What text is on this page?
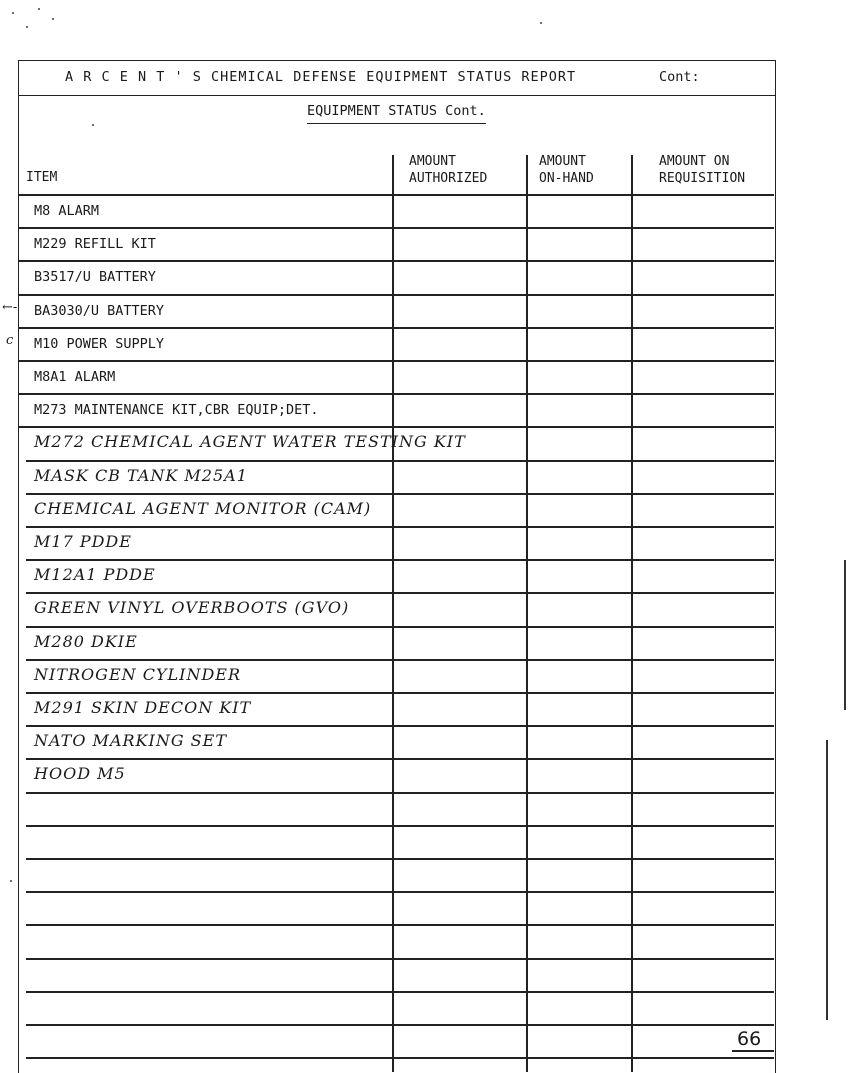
A R C E N T ' S CHEMICAL DEFENSE EQUIPMENT STATUS REPORT	Cont:
EQUIPMENT STATUS Cont.
ITEM
AMOUNT
AUTHORIZED
AMOUNT
ON-HAND
AMOUNT ON
REQUISITION
M8 ALARM
M229 REFILL KIT
B3517/U BATTERY
BA3030/U BATTERY
M10 POWER SUPPLY
M8A1 ALARM
M273 MAINTENANCE KIT,CBR EQUIP;DET.
M272 CHEMICAL AGENT WATER TESTING KIT
MASK CB TANK M25A1
CHEMICAL AGENT MONITOR (CAM)
M17 PDDE
M12A1 PDDE
GREEN VINYL OVERBOOTS (GVO)
M280 DKIE
NITROGEN CYLINDER
M291 SKIN DECON KIT
NATO MARKING SET
HOOD M5
←-
c
66
